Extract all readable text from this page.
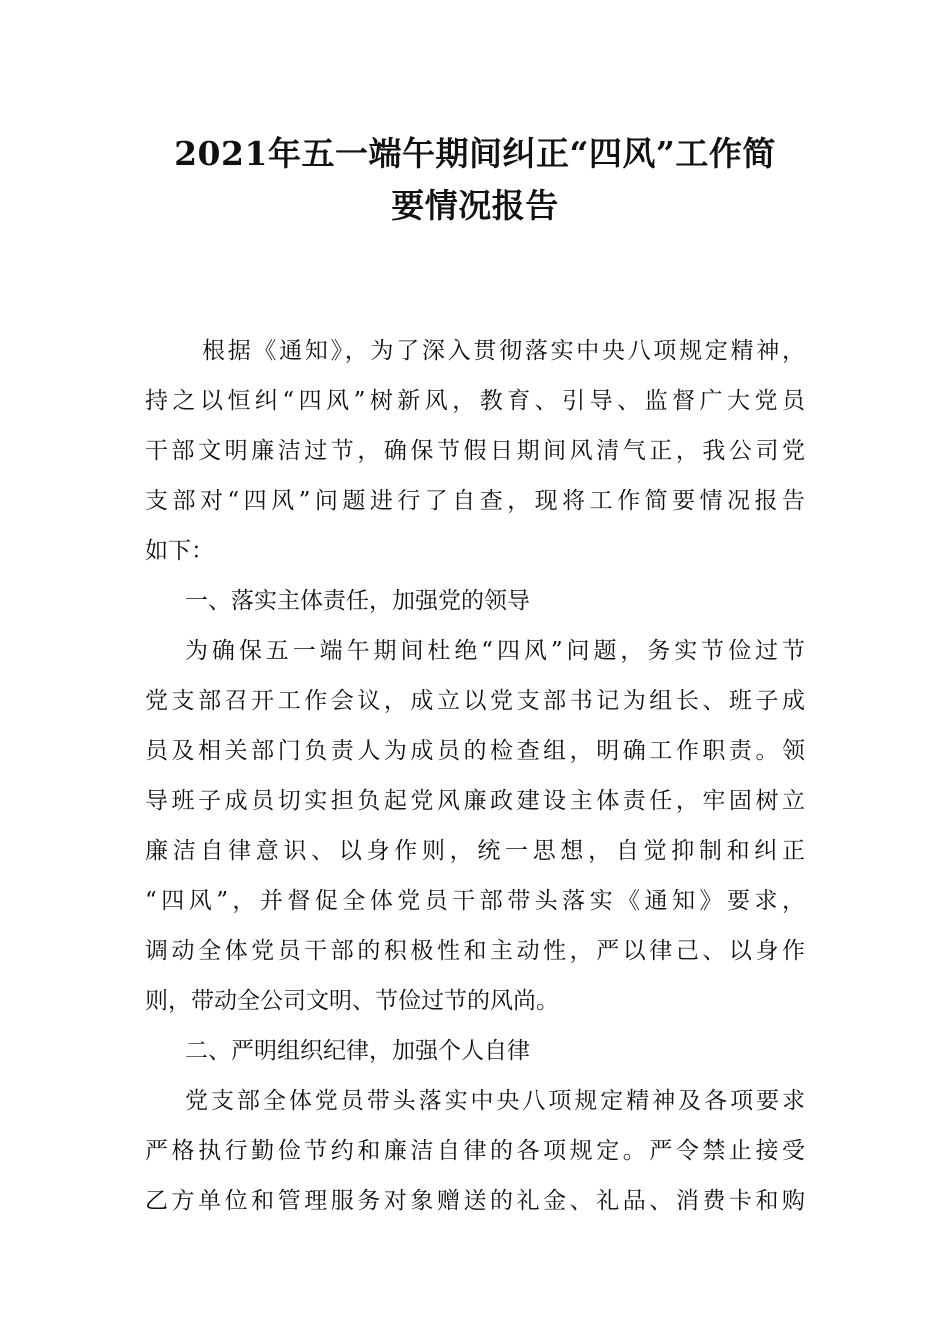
2021年五一端午期间纠正“四风”工作简
要情况报告
根据《通知》，为了深入贯彻落实中央八项规定精神，
持之以恒纠“四风”树新风，教育、引导、监督广大党员
干部文明廉洁过节，确保节假日期间风清气正，我公司党
支部对“四风”问题进行了自查，现将工作简要情况报告
如下：
一、落实主体责任，加强党的领导
为确保五一端午期间杜绝“四风”问题，务实节俭过节
党支部召开工作会议，成立以党支部书记为组长、班子成
员及相关部门负责人为成员的检查组，明确工作职责。领
导班子成员切实担负起党风廉政建设主体责任，牢固树立
廉洁自律意识、以身作则，统一思想，自觉抑制和纠正
“四风”，并督促全体党员干部带头落实《通知》要求，
调动全体党员干部的积极性和主动性，严以律己、以身作
则，带动全公司文明、节俭过节的风尚。
二、严明组织纪律，加强个人自律
党支部全体党员带头落实中央八项规定精神及各项要求
严格执行勤俭节约和廉洁自律的各项规定。严令禁止接受
乙方单位和管理服务对象赠送的礼金、礼品、消费卡和购
